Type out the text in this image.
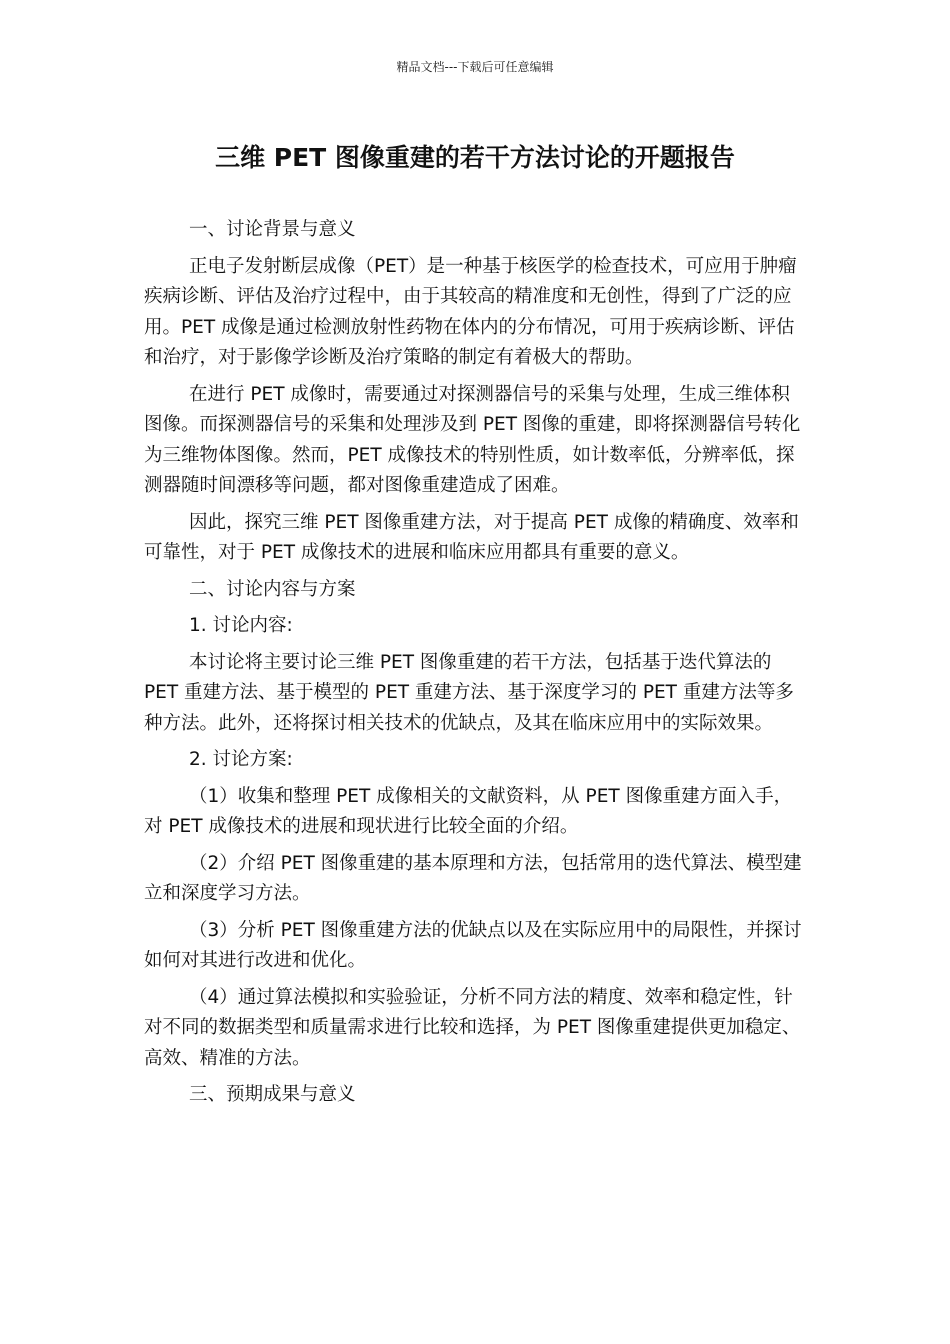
精品文档---下载后可任意编辑
三维 PET 图像重建的若干方法讨论的开题报告

一、讨论背景与意义

正电子发射断层成像（PET）是一种基于核医学的检查技术，可应用于肿瘤疾病诊断、评估及治疗过程中，由于其较高的精准度和无创性，得到了广泛的应用。PET 成像是通过检测放射性药物在体内的分布情况，可用于疾病诊断、评估和治疗，对于影像学诊断及治疗策略的制定有着极大的帮助。

在进行 PET 成像时，需要通过对探测器信号的采集与处理，生成三维体积图像。而探测器信号的采集和处理涉及到 PET 图像的重建，即将探测器信号转化为三维物体图像。然而，PET 成像技术的特别性质，如计数率低，分辨率低，探测器随时间漂移等问题，都对图像重建造成了困难。

因此，探究三维 PET 图像重建方法，对于提高 PET 成像的精确度、效率和可靠性，对于 PET 成像技术的进展和临床应用都具有重要的意义。

二、讨论内容与方案

1. 讨论内容:

本讨论将主要讨论三维 PET 图像重建的若干方法，包括基于迭代算法的 PET 重建方法、基于模型的 PET 重建方法、基于深度学习的 PET 重建方法等多种方法。此外，还将探讨相关技术的优缺点，及其在临床应用中的实际效果。

2. 讨论方案:

（1）收集和整理 PET 成像相关的文献资料，从 PET 图像重建方面入手，对 PET 成像技术的进展和现状进行比较全面的介绍。

（2）介绍 PET 图像重建的基本原理和方法，包括常用的迭代算法、模型建立和深度学习方法。

（3）分析 PET 图像重建方法的优缺点以及在实际应用中的局限性，并探讨如何对其进行改进和优化。

（4）通过算法模拟和实验验证，分析不同方法的精度、效率和稳定性，针对不同的数据类型和质量需求进行比较和选择，为 PET 图像重建提供更加稳定、高效、精准的方法。

三、预期成果与意义
